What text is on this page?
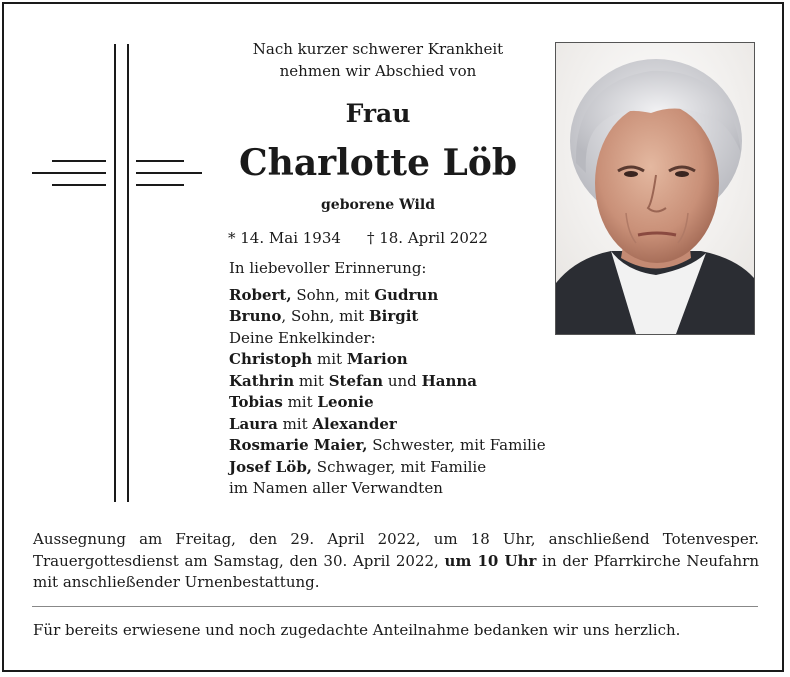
Nach kurzer schwerer Krankheit
nehmen wir Abschied von
Frau
Charlotte Löb
geborene Wild
* 14. Mai 1934 † 18. April 2022
In liebevoller Erinnerung:
Robert, Sohn, mit Gudrun
Bruno, Sohn, mit Birgit
Deine Enkelkinder:
Christoph mit Marion
Kathrin mit Stefan und Hanna
Tobias mit Leonie
Laura mit Alexander
Rosmarie Maier, Schwester, mit Familie
Josef Löb, Schwager, mit Familie
im Namen aller Verwandten
Aussegnung am Freitag, den 29. April 2022, um 18 Uhr, anschließend Totenvesper. Trauergottesdienst am Samstag, den 30. April 2022, um 10 Uhr in der Pfarrkirche Neufahrn mit anschließender Urnenbestattung.
Für bereits erwiesene und noch zugedachte Anteilnahme bedanken wir uns herzlich.
